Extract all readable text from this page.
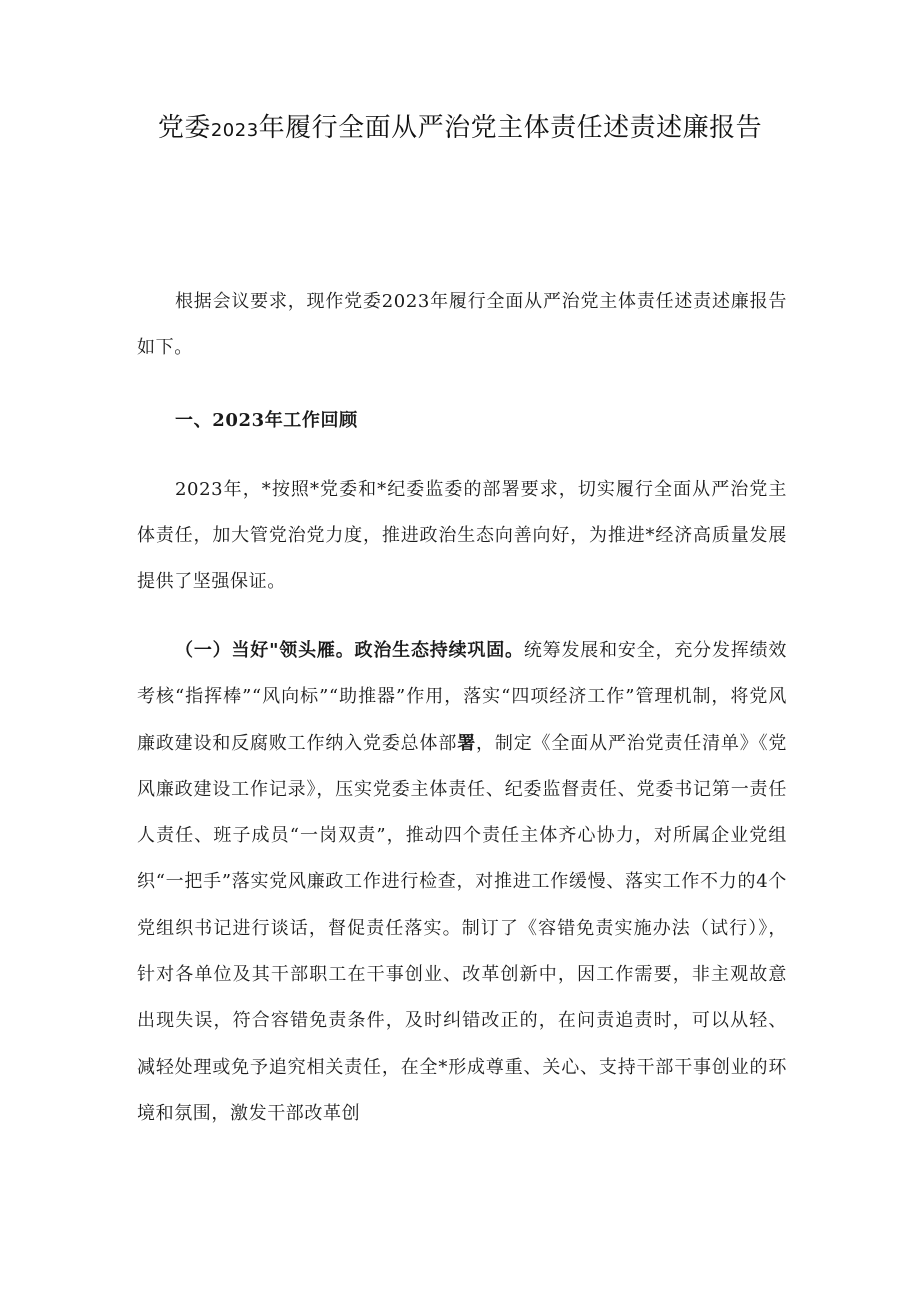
党委2023年履行全面从严治党主体责任述责述廉报告

根据会议要求，现作党委2023年履行全面从严治党主体责任述责述廉报告如下。

一、2023年工作回顾

2023年，*按照*党委和*纪委监委的部署要求，切实履行全面从严治党主体责任，加大管党治党力度，推进政治生态向善向好，为推进*经济高质量发展提供了坚强保证。

（一）当好"领头雁。政治生态持续巩固。统筹发展和安全，充分发挥绩效考核“指挥棒”“风向标”“助推器”作用，落实“四项经济工作”管理机制，将党风廉政建设和反腐败工作纳入党委总体部署，制定《全面从严治党责任清单》《党风廉政建设工作记录》，压实党委主体责任、纪委监督责任、党委书记第一责任人责任、班子成员“一岗双责”，推动四个责任主体齐心协力，对所属企业党组织“一把手”落实党风廉政工作进行检查，对推进工作缓慢、落实工作不力的4个党组织书记进行谈话，督促责任落实。制订了《容错免责实施办法（试行）》，针对各单位及其干部职工在干事创业、改革创新中，因工作需要，非主观故意出现失误，符合容错免责条件，及时纠错改正的，在问责追责时，可以从轻、减轻处理或免予追究相关责任，在全*形成尊重、关心、支持干部干事创业的环境和氛围，激发干部改革创
